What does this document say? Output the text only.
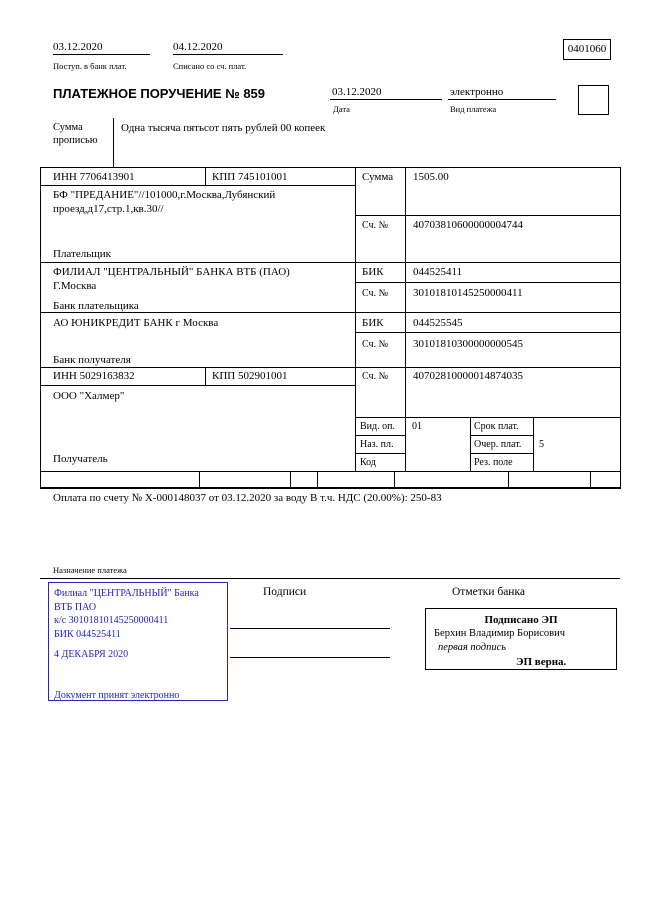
03.12.2020
Поступ. в банк плат.
04.12.2020
Списано со сч. плат.
0401060
ПЛАТЕЖНОЕ ПОРУЧЕНИЕ № 859	03.12.2020
Дата
электронно
Вид платежа
Сумма прописью
Одна тысяча пятьсот пять рублей 00 копеек
ИНН 7706413901	КПП 745101001
БФ "ПРЕДАНИЕ"//101000,г.Москва,Лубянский проезд,д17,стр.1,кв.30//
Плательщик
Сумма 1505.00
Сч. № 40703810600000004744
ФИЛИАЛ "ЦЕНТРАЛЬНЫЙ" БАНКА ВТБ (ПАО) Г.Москва
Банк плательщика
БИК	044525411
Сч. № 30101810145250000411
АО ЮНИКРЕДИТ БАНК г Москва
Банк получателя
БИК	044525545
Сч. № 30101810300000000545
ИНН 5029163832	КПП 502901001	Сч. № 40702810000014874035
ООО "Халмер"
Получатель
Вид. оп. 01	Срок плат.
Наз. пл.	Очер. плат. 5
Код	Рез. поле
Оплата по счету № Х-000148037 от 03.12.2020 за воду В т.ч. НДС (20.00%): 250-83
Назначение платежа
Подписи	Отметки банка
Подписано ЭП
Берхин Владимир Борисович
первая подпись
ЭП верна.
Филиал "ЦЕНТРАЛЬНЫЙ" Банка
ВТБ ПАО
к/с 30101810145250000411
БИК 044525411
4 ДЕКАБРЯ 2020
Документ принят электронно
